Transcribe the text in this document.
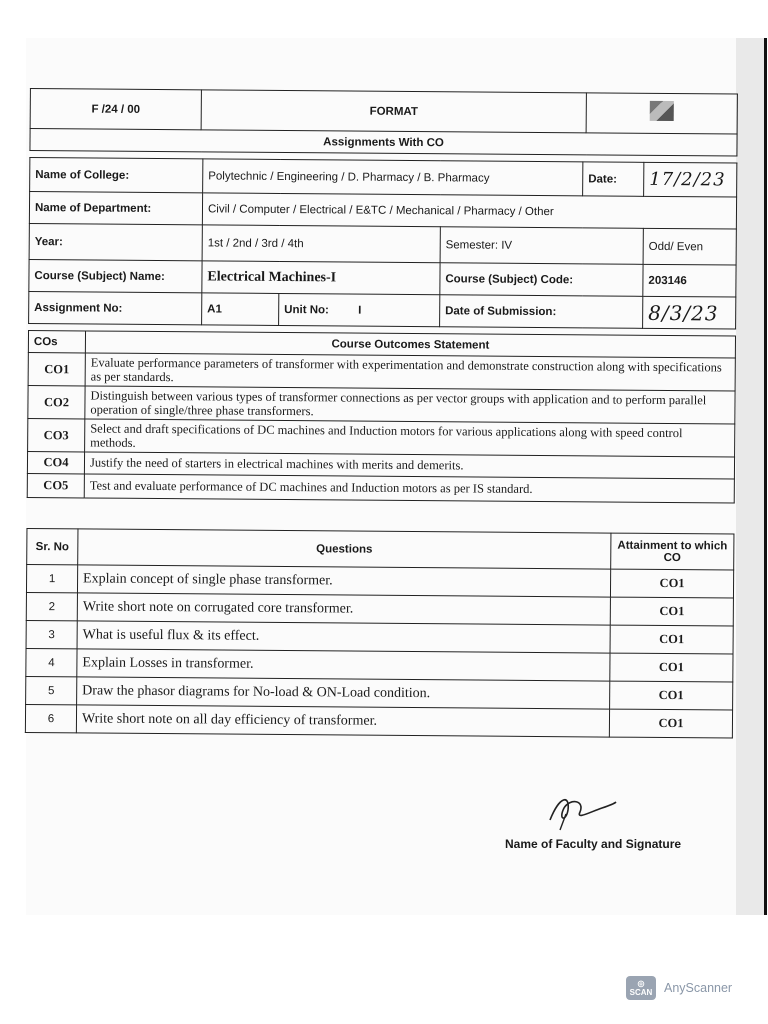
F /24 / 00	FORMAT	
Assignments With CO
Name of College:	Polytechnic / Engineering / D. Pharmacy / B. Pharmacy			Date:	17/2/23
Name of Department:	Civil / Computer / Electrical / E&TC / Mechanical / Pharmacy / Other				
Year:	1st / 2nd / 3rd / 4th		Semester: IV		Odd/ Even
Course (Subject) Name:	Electrical Machines-I		Course (Subject) Code:		203146
Assignment No:	A1	Unit No: I	Date of Submission:		8/3/23
COs	Course Outcomes Statement
CO1	Evaluate performance parameters of transformer with experimentation and demonstrate construction along with specifications as per standards.
CO2	Distinguish between various types of transformer connections as per vector groups with application and to perform parallel operation of single/three phase transformers.
CO3	Select and draft specifications of DC machines and Induction motors for various applications along with speed control methods.
CO4	Justify the need of starters in electrical machines with merits and demerits.
CO5	Test and evaluate performance of DC machines and Induction motors as per IS standard.
Sr. No	Questions	Attainment to which CO
1	Explain concept of single phase transformer.	CO1
2	Write short note on corrugated core transformer.	CO1
3	What is useful flux & its effect.	CO1
4	Explain Losses in transformer.	CO1
5	Draw the phasor diagrams for No-load & ON-Load condition.	CO1
6	Write short note on all day efficiency of transformer.	CO1
Name of Faculty and Signature
◎
SCAN AnyScanner
